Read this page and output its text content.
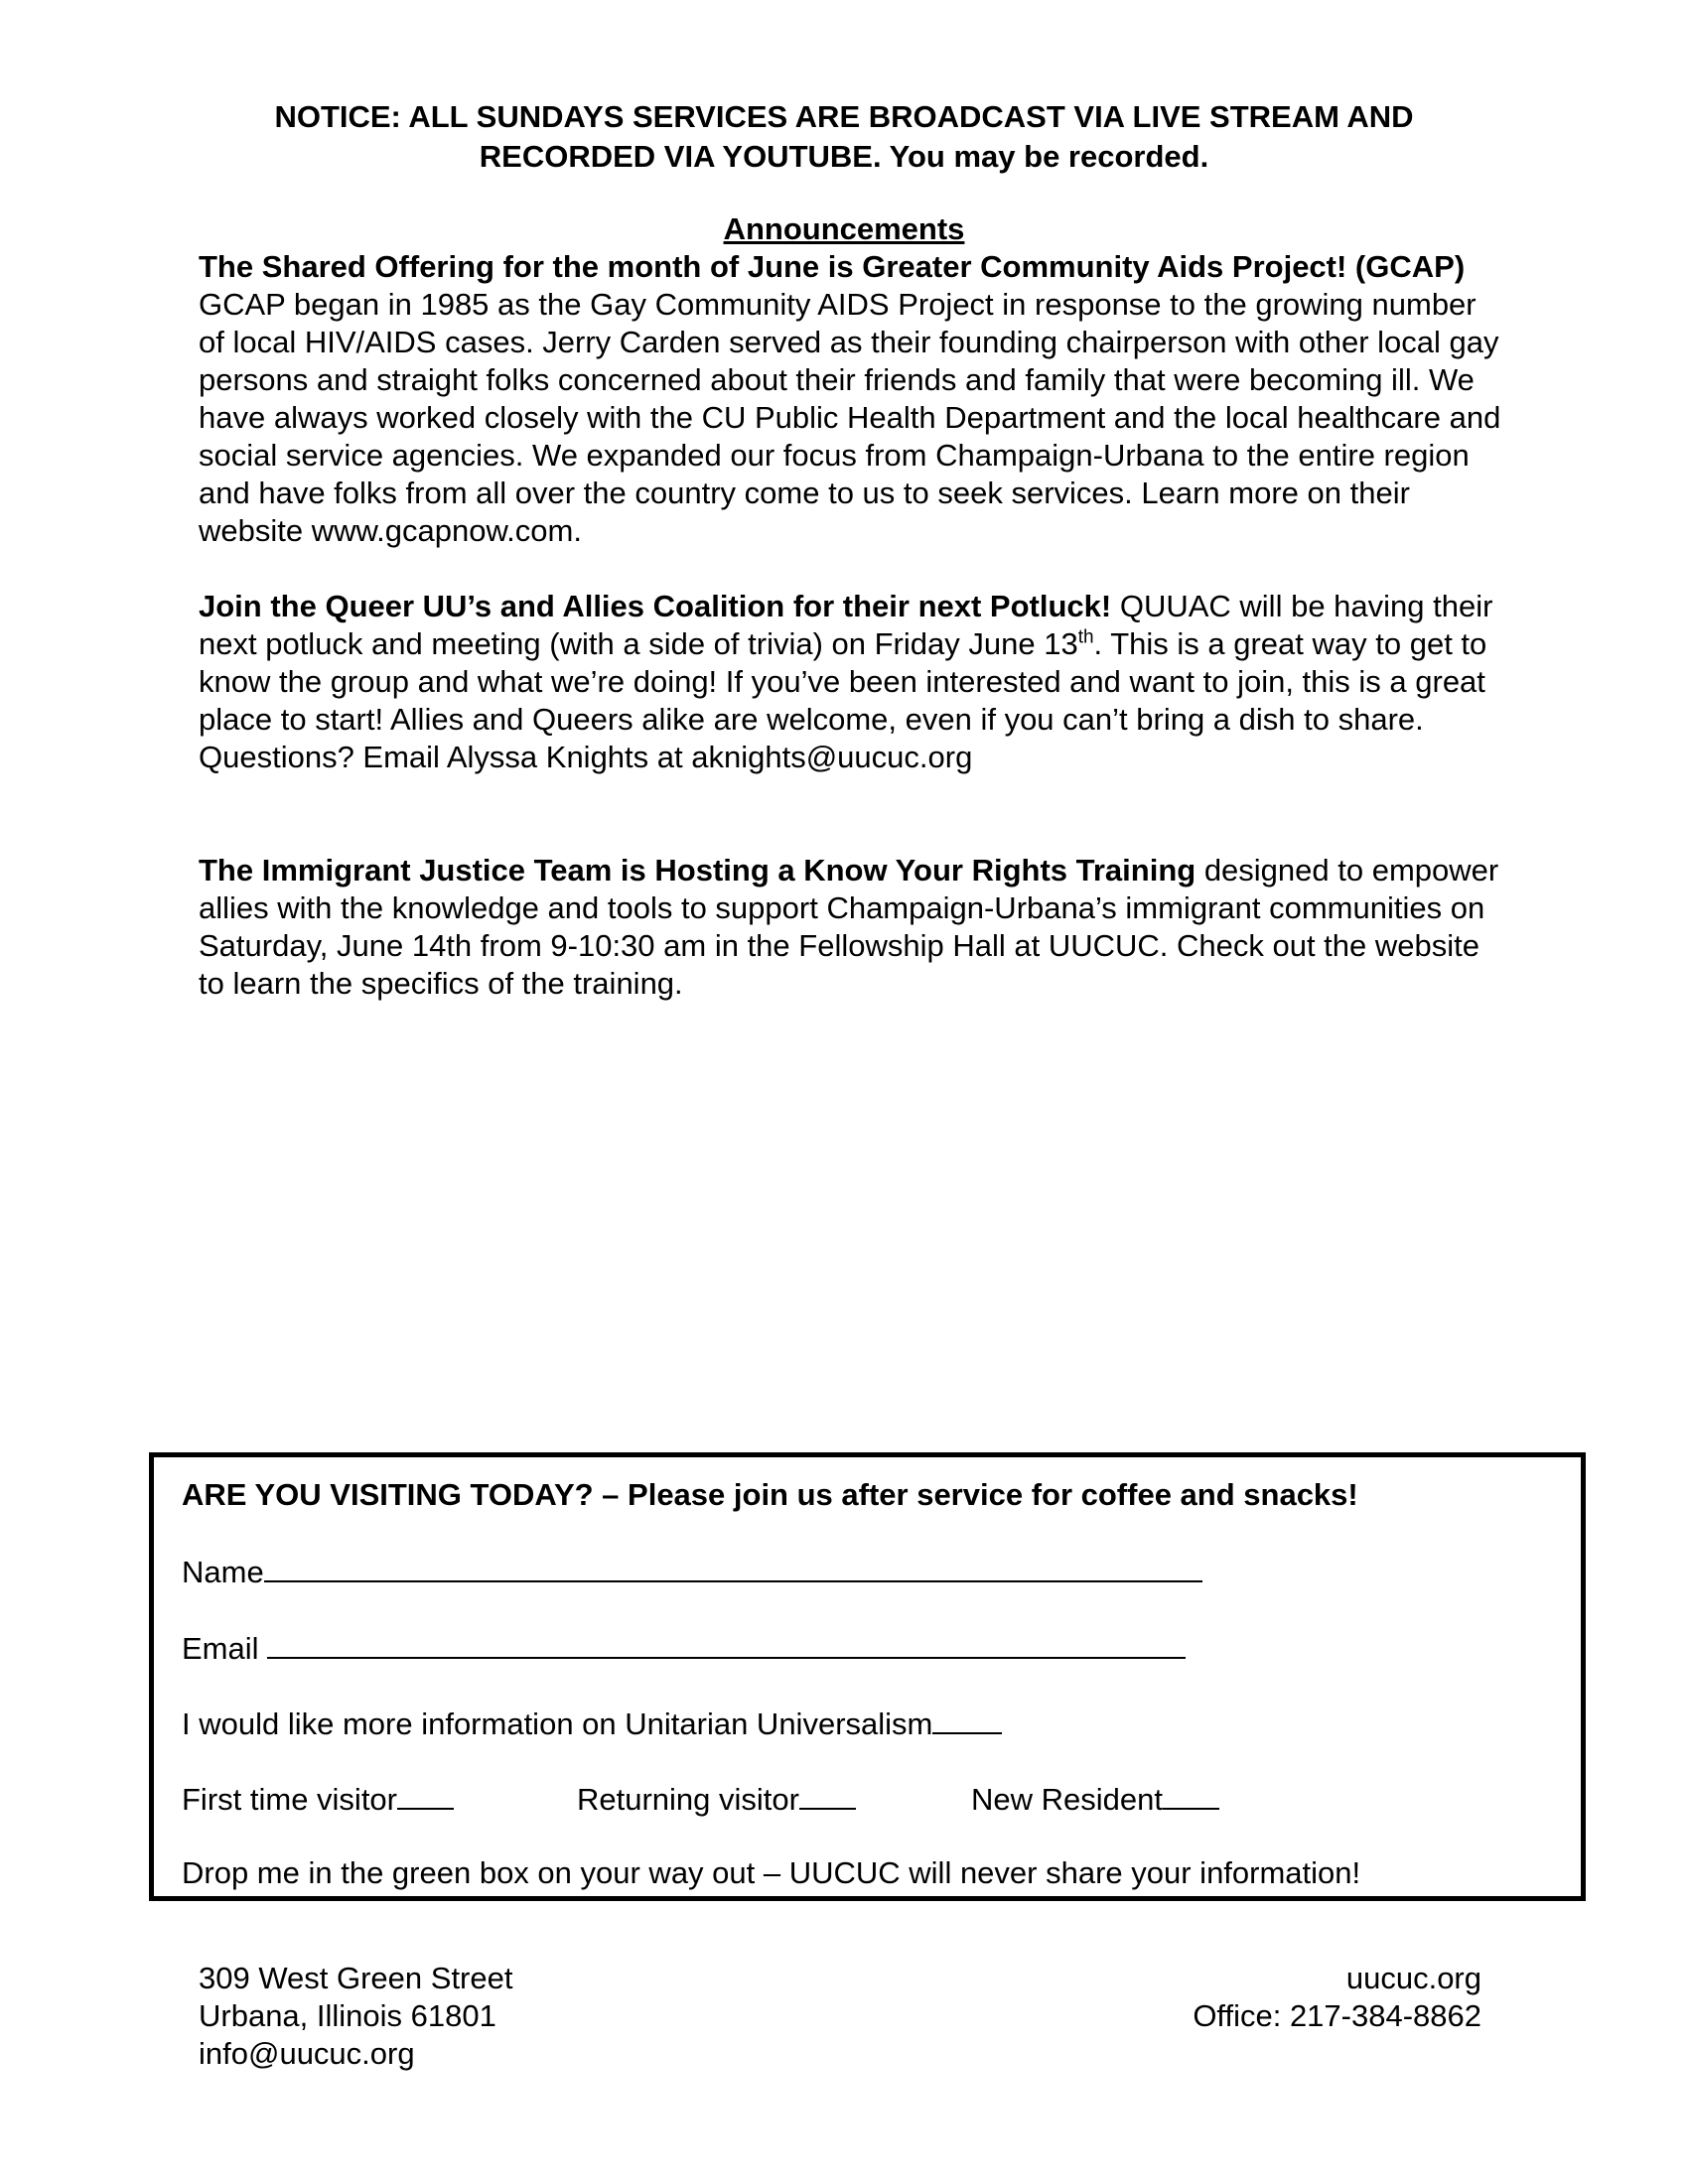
NOTICE: ALL SUNDAYS SERVICES ARE BROADCAST VIA LIVE STREAM AND
RECORDED VIA YOUTUBE. You may be recorded.
Announcements

The Shared Offering for the month of June is Greater Community Aids Project! (GCAP) GCAP began in 1985 as the Gay Community AIDS Project in response to the growing number of local HIV/AIDS cases. Jerry Carden served as their founding chairperson with other local gay persons and straight folks concerned about their friends and family that were becoming ill. We have always worked closely with the CU Public Health Department and the local healthcare and social service agencies. We expanded our focus from Champaign-Urbana to the entire region and have folks from all over the country come to us to seek services. Learn more on their website www.gcapnow.com.

Join the Queer UU’s and Allies Coalition for their next Potluck! QUUAC will be having their next potluck and meeting (with a side of trivia) on Friday June 13th. This is a great way to get to know the group and what we’re doing! If you’ve been interested and want to join, this is a great place to start! Allies and Queers alike are welcome, even if you can’t bring a dish to share. Questions? Email Alyssa Knights at aknights@uucuc.org

The Immigrant Justice Team is Hosting a Know Your Rights Training designed to empower allies with the knowledge and tools to support Champaign-Urbana’s immigrant communities on Saturday, June 14th from 9-10:30 am in the Fellowship Hall at UUCUC. Check out the website to learn the specifics of the training.

ARE YOU VISITING TODAY? – Please join us after service for coffee and snacks!
Name
Email
I would like more information on Unitarian Universalism
First time visitor	Returning visitor	New Resident
Drop me in the green box on your way out – UUCUC will never share your information!
309 West Green Street
Urbana, Illinois 61801
info@uucuc.org
uucuc.org
Office: 217-384-8862
